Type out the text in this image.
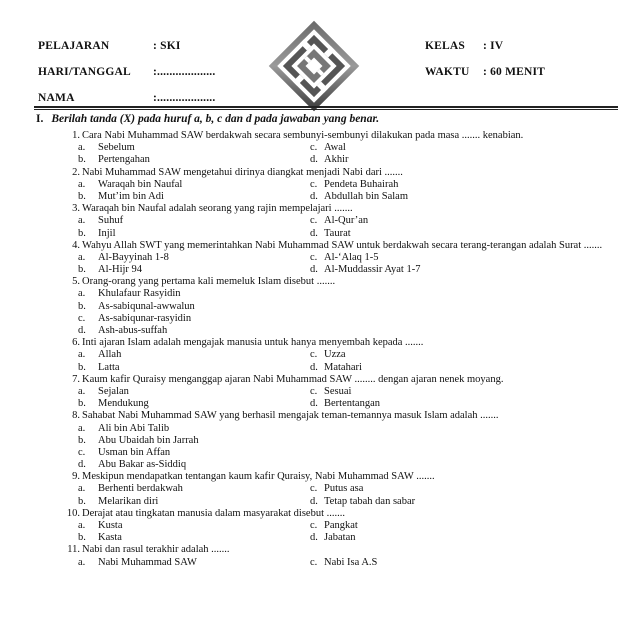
PELAJARAN	: SKI
HARI/TANGGAL :...................
NAMA	:...................
KELAS : IV
WAKTU : 60 MENIT
I. Berilah tanda (X) pada huruf a, b, c dan d pada jawaban yang benar.
1. Cara Nabi Muhammad SAW berdakwah secara sembunyi-sembunyi dilakukan pada masa ....... kenabian.
a. Sebelum	c. Awal
b. Pertengahan	d. Akhir
2. Nabi Muhammad SAW mengetahui dirinya diangkat menjadi Nabi dari .......
a. Waraqah bin Naufal	c. Pendeta Buhairah
b. Mut’im bin Adi	d. Abdullah bin Salam
3. Waraqah bin Naufal adalah seorang yang rajin mempelajari .......
a. Suhuf	c. Al-Qur’an
b. Injil	d. Taurat
4. Wahyu Allah SWT yang memerintahkan Nabi Muhammad SAW untuk berdakwah secara terang-terangan adalah Surat .......
a. Al-Bayyinah 1-8	c. Al-‘Alaq 1-5
b. Al-Hijr 94	d. Al-Muddassir Ayat 1-7
5. Orang-orang yang pertama kali memeluk Islam disebut .......
a. Khulafaur Rasyidin
b. As-sabiqunal-awwalun
c. As-sabiqunar-rasyidin
d. Ash-abus-suffah
6. Inti ajaran Islam adalah mengajak manusia untuk hanya menyembah kepada .......
a. Allah	c. Uzza
b. Latta	d. Matahari
7. Kaum kafir Quraisy menganggap ajaran Nabi Muhammad SAW ........ dengan ajaran nenek moyang.
a. Sejalan	c. Sesuai
b. Mendukung	d. Bertentangan
8. Sahabat Nabi Muhammad SAW yang berhasil mengajak teman-temannya masuk Islam adalah .......
a. Ali bin Abi Talib
b. Abu Ubaidah bin Jarrah
c. Usman bin Affan
d. Abu Bakar as-Siddiq
9. Meskipun mendapatkan tentangan kaum kafir Quraisy, Nabi Muhammad SAW .......
a. Berhenti berdakwah	c. Putus asa
b. Melarikan diri	d. Tetap tabah dan sabar
10. Derajat atau tingkatan manusia dalam masyarakat disebut .......
a. Kusta	c. Pangkat
b. Kasta	d. Jabatan
11. Nabi dan rasul terakhir adalah .......
a. Nabi Muhammad SAW	c. Nabi Isa A.S
